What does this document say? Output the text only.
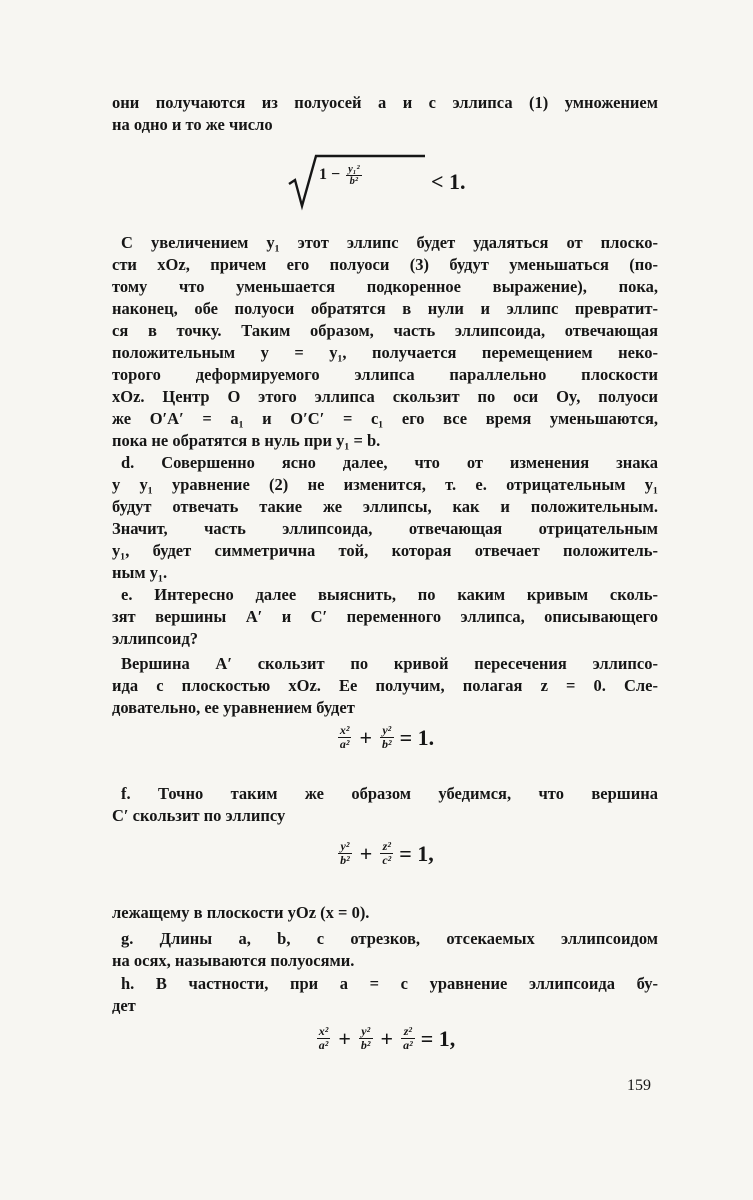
они получаются из полуосей а и с эллипса (1) умножением
на одно и то же число
$1 - \frac{\text{y₁²}}{\text{b²}}$	< 1.
С увеличением y₁ этот эллипс будет удаляться от плоско-
сти xOz, причем его полуоси (3) будут уменьшаться (по-
тому что уменьшается подкоренное выражение), пока,
наконец, обе полуоси обратятся в нули и эллипс превратит-
ся в точку. Таким образом, часть эллипсоида, отвечающая
положительным y = y₁, получается перемещением неко-
торого деформируемого эллипса параллельно плоскости
xOz. Центр O этого эллипса скользит по оси Oy, полуоси
же O′A′ = a₁ и O′C′ = c₁ его все время уменьшаются,
пока не обратятся в нуль при y₁ = b.
d. Совершенно ясно далее, что от изменения знака
у y₁ уравнение (2) не изменится, т. е. отрицательным y₁
будут отвечать такие же эллипсы, как и положительным.
Значит, часть эллипсоида, отвечающая отрицательным
y₁, будет симметрична той, которая отвечает положитель-
ным y₁.
e. Интересно далее выяснить, по каким кривым сколь-
зят вершины A′ и C′ переменного эллипса, описывающего
эллипсоид?
Вершина A′ скользит по кривой пересечения эллипсо-
ида с плоскостью xOz. Ее получим, полагая z = 0. Сле-
довательно, ее уравнением будет
$\frac{\text{x²}}{\text{a²}} + \frac{\text{y²}}{\text{b²}} = 1$.
f. Точно таким же образом убедимся, что вершина
C′ скользит по эллипсу
$\frac{\text{y²}}{\text{b²}} + \frac{\text{z²}}{\text{c²}} = 1$,
лежащему в плоскости yOz (x = 0).
g. Длины a, b, c отрезков, отсекаемых эллипсоидом
на осях, называются полуосями.
h. В частности, при a = c уравнение эллипсоида бу-
дет
$\frac{\text{x²}}{\text{a²}} + \frac{\text{y²}}{\text{b²}} + \frac{\text{z²}}{\text{a²}} = 1$,
159
